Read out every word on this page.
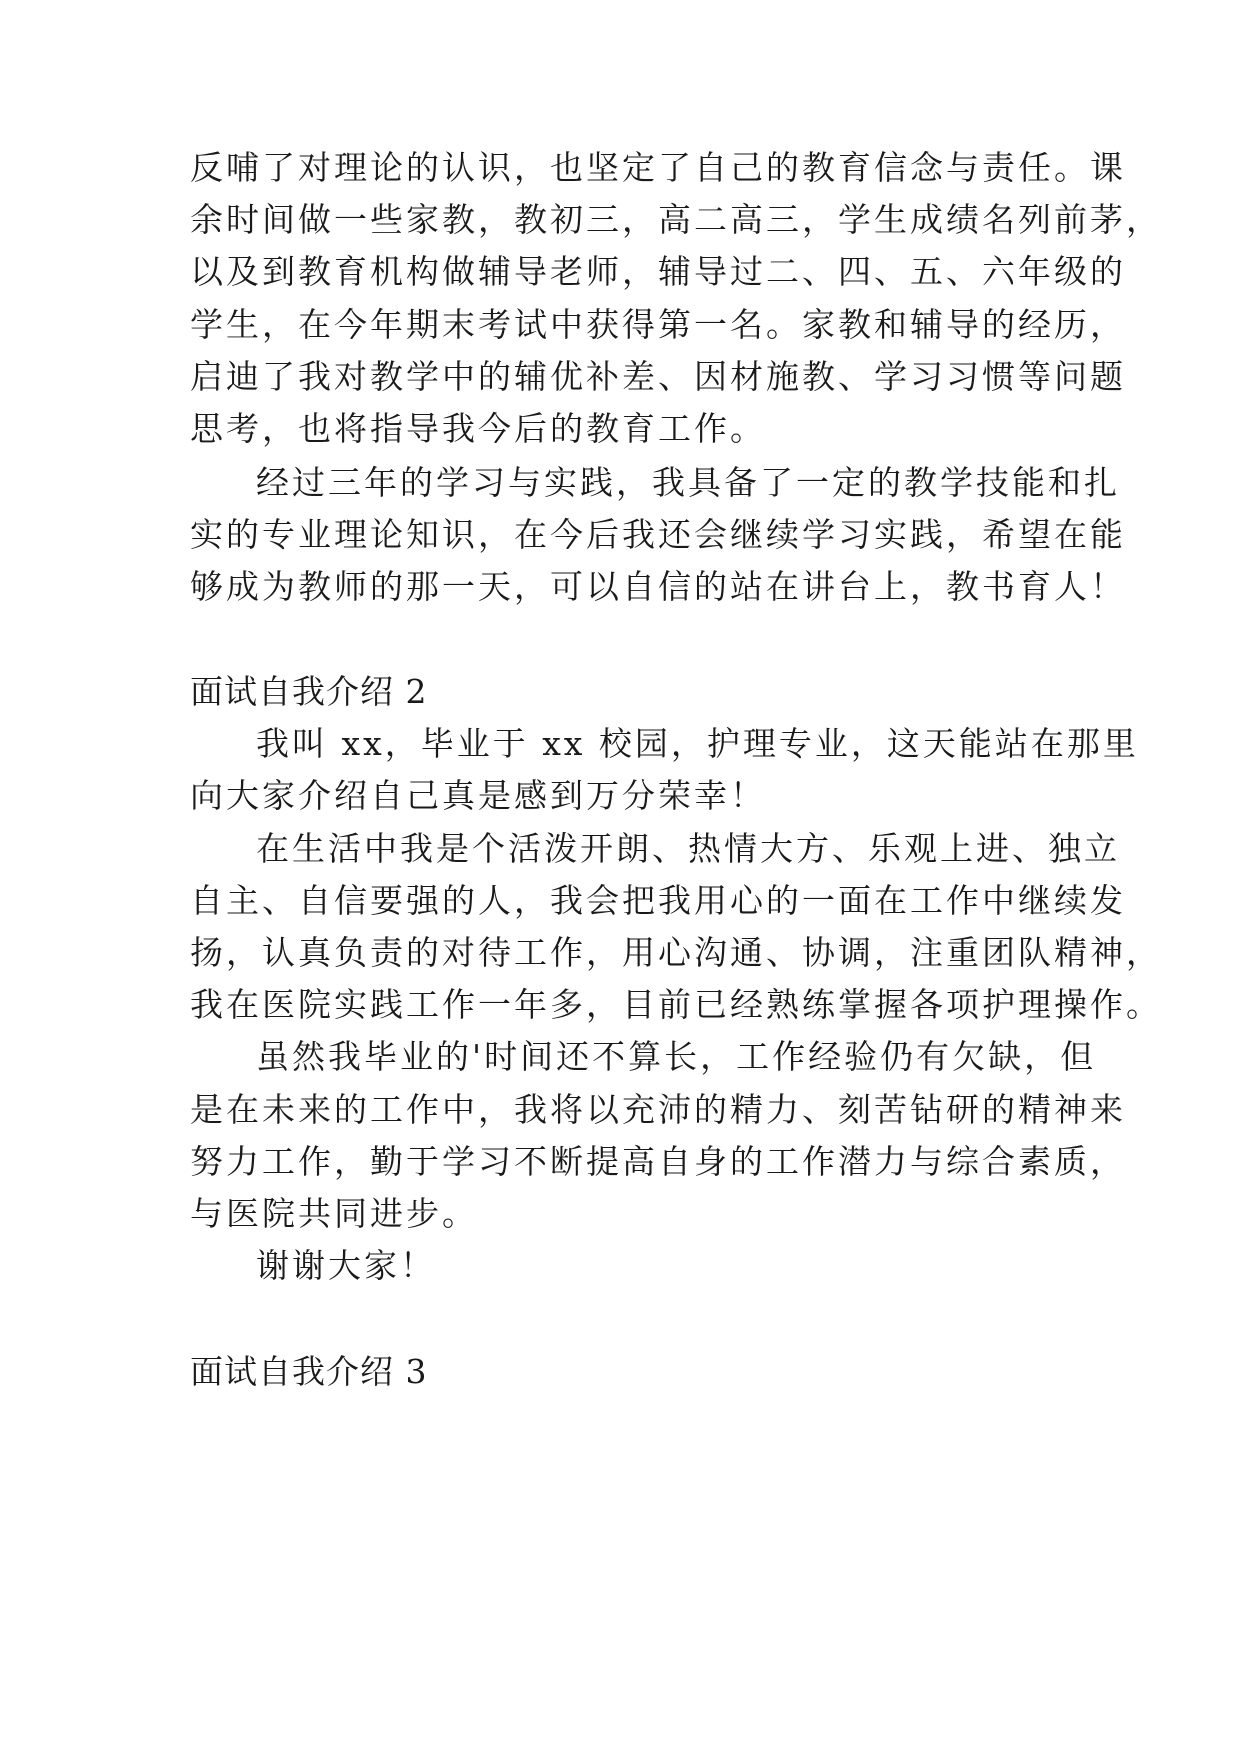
反哺了对理论的认识，也坚定了自己的教育信念与责任。课
余时间做一些家教，教初三，高二高三，学生成绩名列前茅，
以及到教育机构做辅导老师，辅导过二、四、五、六年级的
学生，在今年期末考试中获得第一名。家教和辅导的经历，
启迪了我对教学中的辅优补差、因材施教、学习习惯等问题
思考，也将指导我今后的教育工作。
经过三年的学习与实践，我具备了一定的教学技能和扎
实的专业理论知识，在今后我还会继续学习实践，希望在能
够成为教师的那一天，可以自信的站在讲台上，教书育人！
面试自我介绍 2
我叫 xx，毕业于 xx 校园，护理专业，这天能站在那里
向大家介绍自己真是感到万分荣幸！
在生活中我是个活泼开朗、热情大方、乐观上进、独立
自主、自信要强的人，我会把我用心的一面在工作中继续发
扬，认真负责的对待工作，用心沟通、协调，注重团队精神，
我在医院实践工作一年多，目前已经熟练掌握各项护理操作。
虽然我毕业的'时间还不算长，工作经验仍有欠缺，但
是在未来的工作中，我将以充沛的精力、刻苦钻研的精神来
努力工作，勤于学习不断提高自身的工作潜力与综合素质，
与医院共同进步。
谢谢大家！
面试自我介绍 3
